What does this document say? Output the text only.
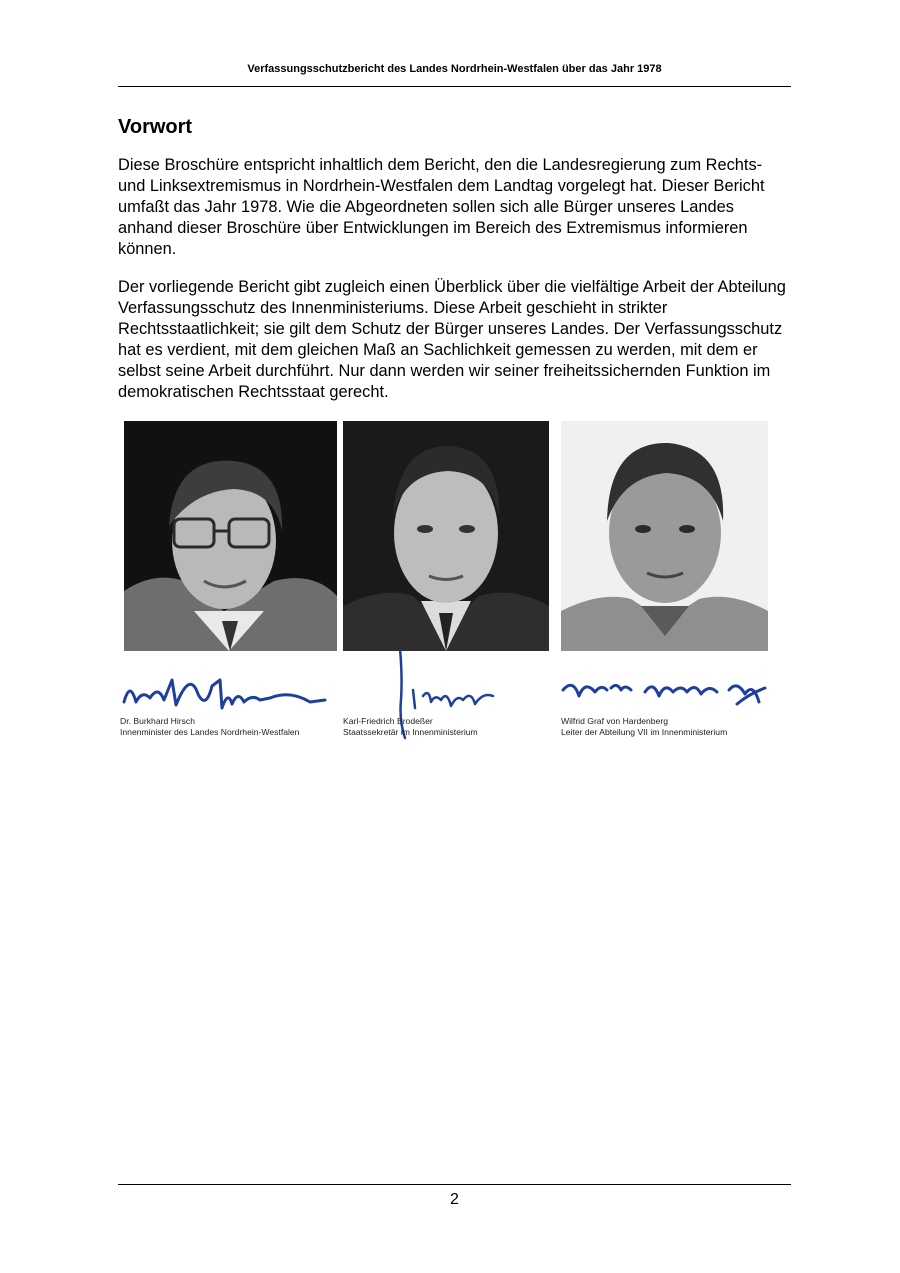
Verfassungsschutzbericht des Landes Nordrhein-Westfalen über das Jahr 1978
Vorwort

Diese Broschüre entspricht inhaltlich dem Bericht, den die Landesregierung zum Rechts- und Linksextremismus in Nordrhein-Westfalen dem Landtag vorgelegt hat. Dieser Bericht umfaßt das Jahr 1978. Wie die Abgeordneten sollen sich alle Bürger unseres Landes anhand dieser Broschüre über Entwicklungen im Bereich des Extremismus informieren können.

Der vorliegende Bericht gibt zugleich einen Überblick über die vielfältige Arbeit der Abteilung Verfassungsschutz des Innenministeriums. Diese Arbeit geschieht in strikter Rechtsstaatlichkeit; sie gilt dem Schutz der Bürger unseres Landes. Der Verfassungsschutz hat es verdient, mit dem gleichen Maß an Sachlichkeit gemessen zu werden, mit dem er selbst seine Arbeit durchführt. Nur dann werden wir seiner freiheitssichernden Funktion im demokratischen Rechtsstaat gerecht.

Dr. Burkhard Hirsch
Innenminister des Landes Nordrhein-Westfalen
Karl-Friedrich Brodeßer
Staatssekretär im Innenministerium
Wilfrid Graf von Hardenberg
Leiter der Abteilung VII im Innenministerium
2
